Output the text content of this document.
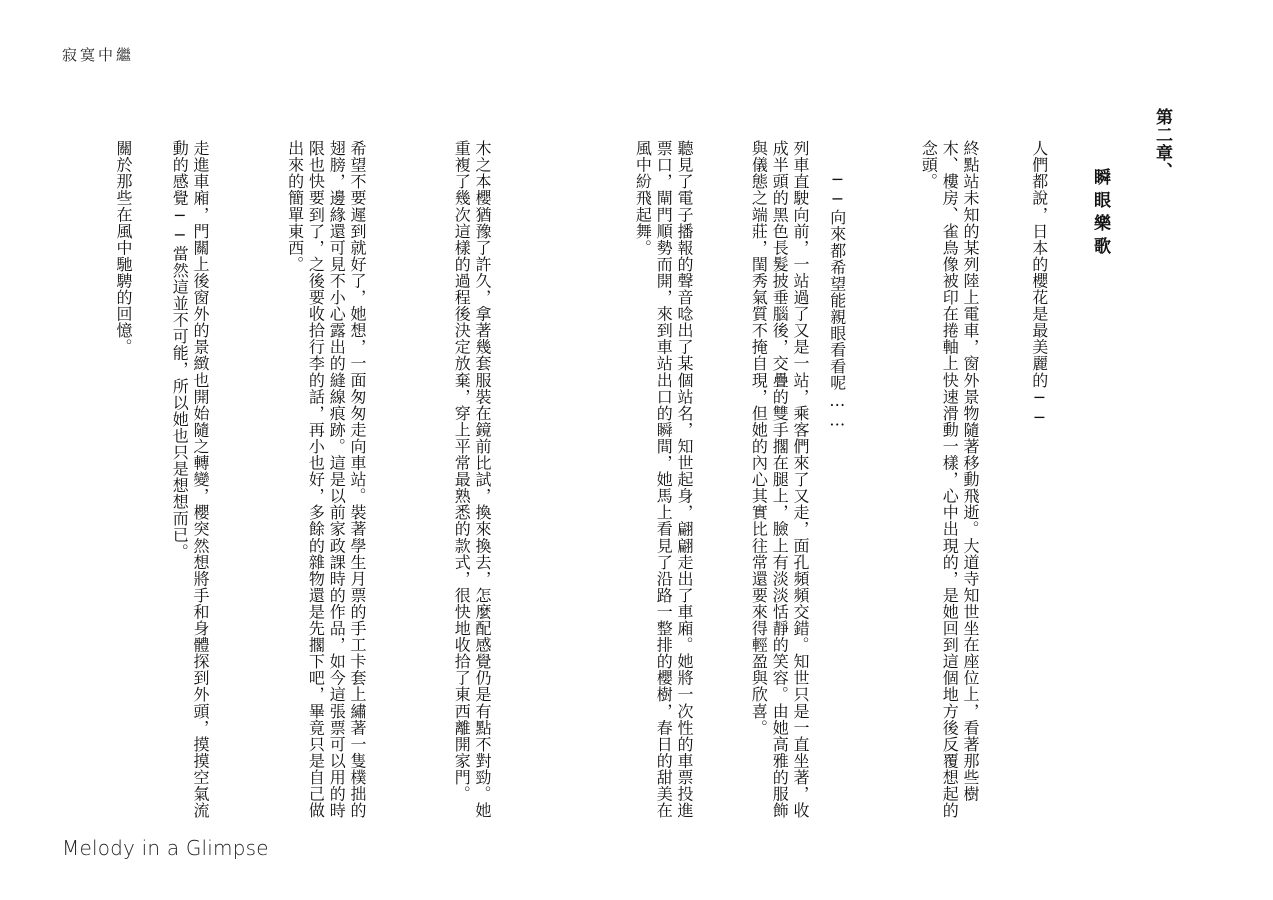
寂寞中繼
第二章、
瞬眼樂歌
人們都說，日本的櫻花是最美麗的──
終點站未知的某列陸上電車，窗外景物隨著移動飛逝。大道寺知世坐在座位上，看著那些樹木、樓房、雀鳥像被印在捲軸上快速滑動一樣，心中出現的，是她回到這個地方後反覆想起的念頭。
──向來都希望能親眼看看呢……
列車直駛向前，一站過了又是一站，乘客們來了又走，面孔頻頻交錯。知世只是一直坐著，收成半頭的黑色長髮披垂腦後，交疊的雙手擱在腿上，臉上有淡淡恬靜的笑容。由她高雅的服飾與儀態之端莊，閨秀氣質不掩自現，但她的內心其實比往常還要來得輕盈與欣喜。
聽見了電子播報的聲音唸出了某個站名，知世起身，翩翩走出了車廂。她將一次性的車票投進票口，閘門順勢而開，來到車站出口的瞬間，她馬上看見了沿路一整排的櫻樹，春日的甜美在風中紛飛起舞。
木之本櫻猶豫了許久，拿著幾套服裝在鏡前比試，換來換去，怎麼配感覺仍是有點不對勁。她重複了幾次這樣的過程後決定放棄，穿上平常最熟悉的款式，很快地收拾了東西離開家門。
希望不要遲到就好了，她想，一面匆匆走向車站。裝著學生月票的手工卡套上繡著一隻樸拙的翅膀，邊緣還可見不小心露出的縫線痕跡。這是以前家政課時的作品，如今這張票可以用的時限也快要到了，之後要收拾行李的話，再小也好，多餘的雜物還是先擱下吧，畢竟只是自己做出來的簡單東西。
走進車廂，門關上後窗外的景緻也開始隨之轉變，櫻突然想將手和身體探到外頭，摸摸空氣流動的感覺──當然這並不可能，所以她也只是想想而已。
關於那些在風中馳騁的回憶。
Melody in a Glimpse
